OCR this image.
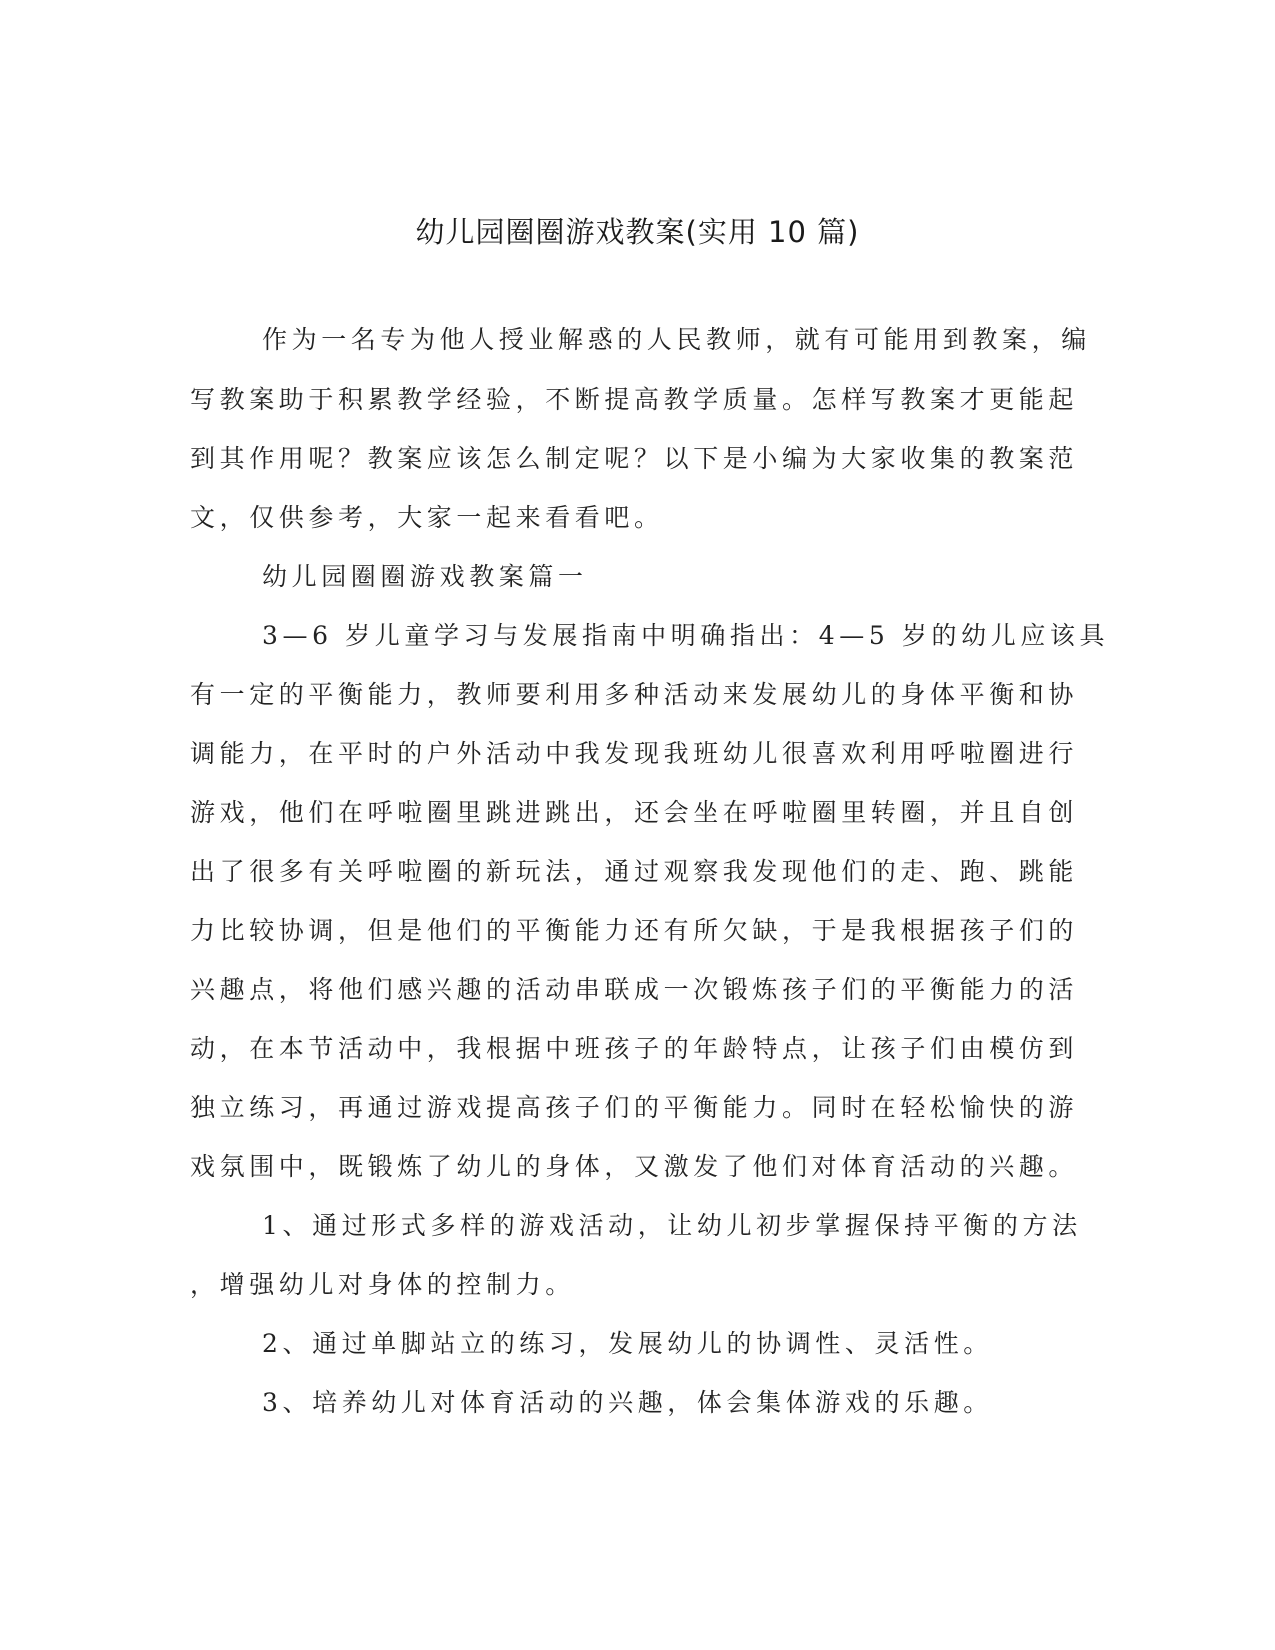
幼儿园圈圈游戏教案(实用 10 篇)
作为一名专为他人授业解惑的人民教师，就有可能用到教案，编
写教案助于积累教学经验，不断提高教学质量。怎样写教案才更能起
到其作用呢？教案应该怎么制定呢？以下是小编为大家收集的教案范
文，仅供参考，大家一起来看看吧。
幼儿园圈圈游戏教案篇一
3—6 岁儿童学习与发展指南中明确指出：4—5 岁的幼儿应该具
有一定的平衡能力，教师要利用多种活动来发展幼儿的身体平衡和协
调能力，在平时的户外活动中我发现我班幼儿很喜欢利用呼啦圈进行
游戏，他们在呼啦圈里跳进跳出，还会坐在呼啦圈里转圈，并且自创
出了很多有关呼啦圈的新玩法，通过观察我发现他们的走、跑、跳能
力比较协调，但是他们的平衡能力还有所欠缺，于是我根据孩子们的
兴趣点，将他们感兴趣的活动串联成一次锻炼孩子们的平衡能力的活
动，在本节活动中，我根据中班孩子的年龄特点，让孩子们由模仿到
独立练习，再通过游戏提高孩子们的平衡能力。同时在轻松愉快的游
戏氛围中，既锻炼了幼儿的身体，又激发了他们对体育活动的兴趣。
1、通过形式多样的游戏活动，让幼儿初步掌握保持平衡的方法
，增强幼儿对身体的控制力。
2、通过单脚站立的练习，发展幼儿的协调性、灵活性。
3、培养幼儿对体育活动的兴趣，体会集体游戏的乐趣。
